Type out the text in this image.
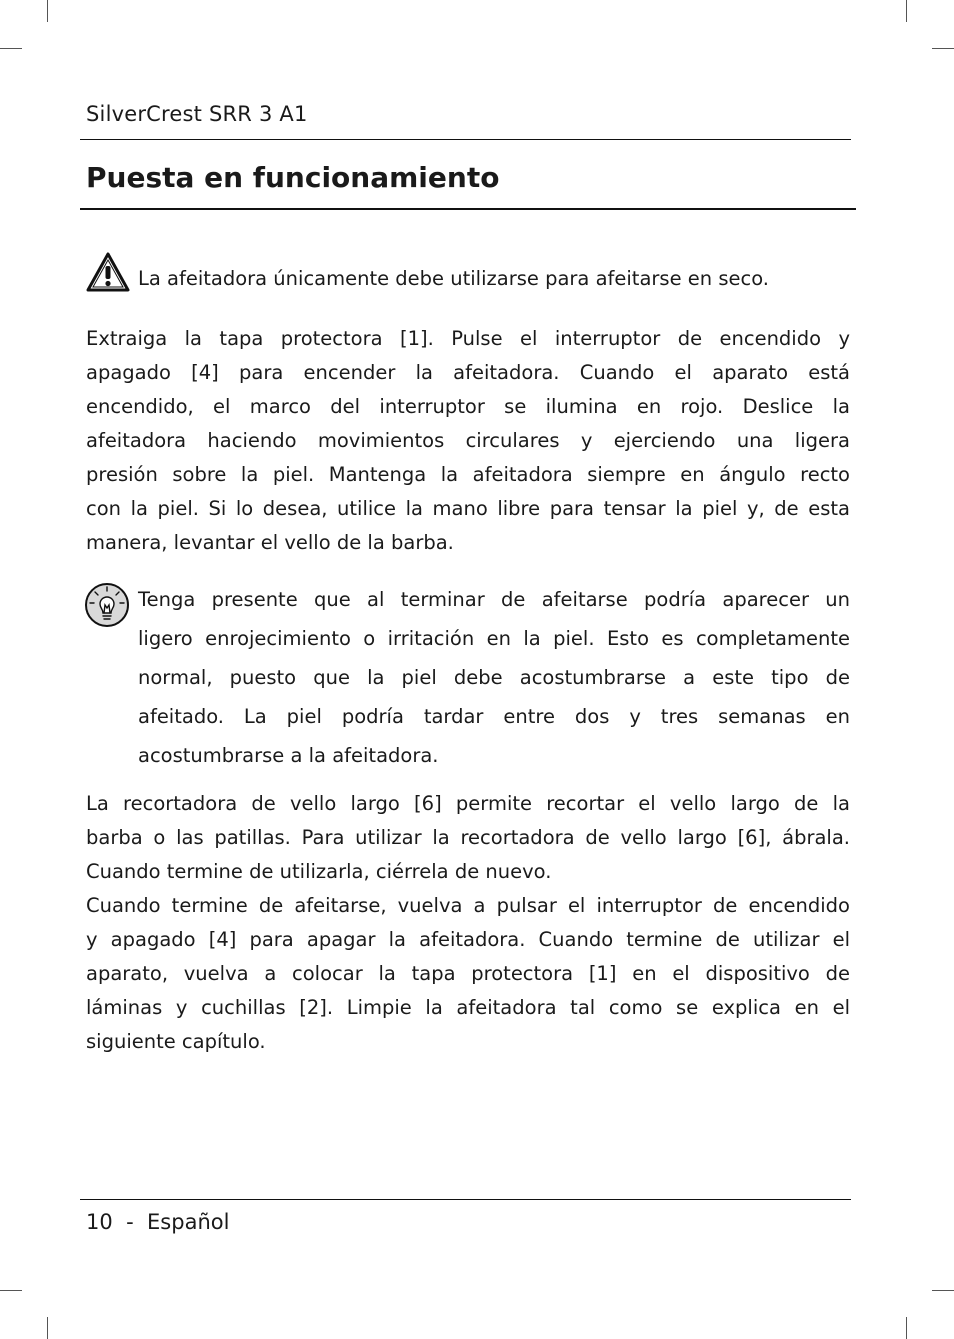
SilverCrest SRR 3 A1
Puesta en funcionamiento
La afeitadora únicamente debe utilizarse para afeitarse en seco.
Extraiga la tapa protectora [1]. Pulse el interruptor de encendido y
apagado [4] para encender la afeitadora. Cuando el aparato está
encendido, el marco del interruptor se ilumina en rojo. Deslice la
afeitadora haciendo movimientos circulares y ejerciendo una ligera
presión sobre la piel. Mantenga la afeitadora siempre en ángulo recto
con la piel. Si lo desea, utilice la mano libre para tensar la piel y, de esta
manera, levantar el vello de la barba.
Tenga presente que al terminar de afeitarse podría aparecer un
ligero enrojecimiento o irritación en la piel. Esto es completamente
normal, puesto que la piel debe acostumbrarse a este tipo de
afeitado. La piel podría tardar entre dos y tres semanas en
acostumbrarse a la afeitadora.
La recortadora de vello largo [6] permite recortar el vello largo de la
barba o las patillas. Para utilizar la recortadora de vello largo [6], ábrala.
Cuando termine de utilizarla, ciérrela de nuevo.
Cuando termine de afeitarse, vuelva a pulsar el interruptor de encendido
y apagado [4] para apagar la afeitadora. Cuando termine de utilizar el
aparato, vuelva a colocar la tapa protectora [1] en el dispositivo de
láminas y cuchillas [2]. Limpie la afeitadora tal como se explica en el
siguiente capítulo.
10 - Español
